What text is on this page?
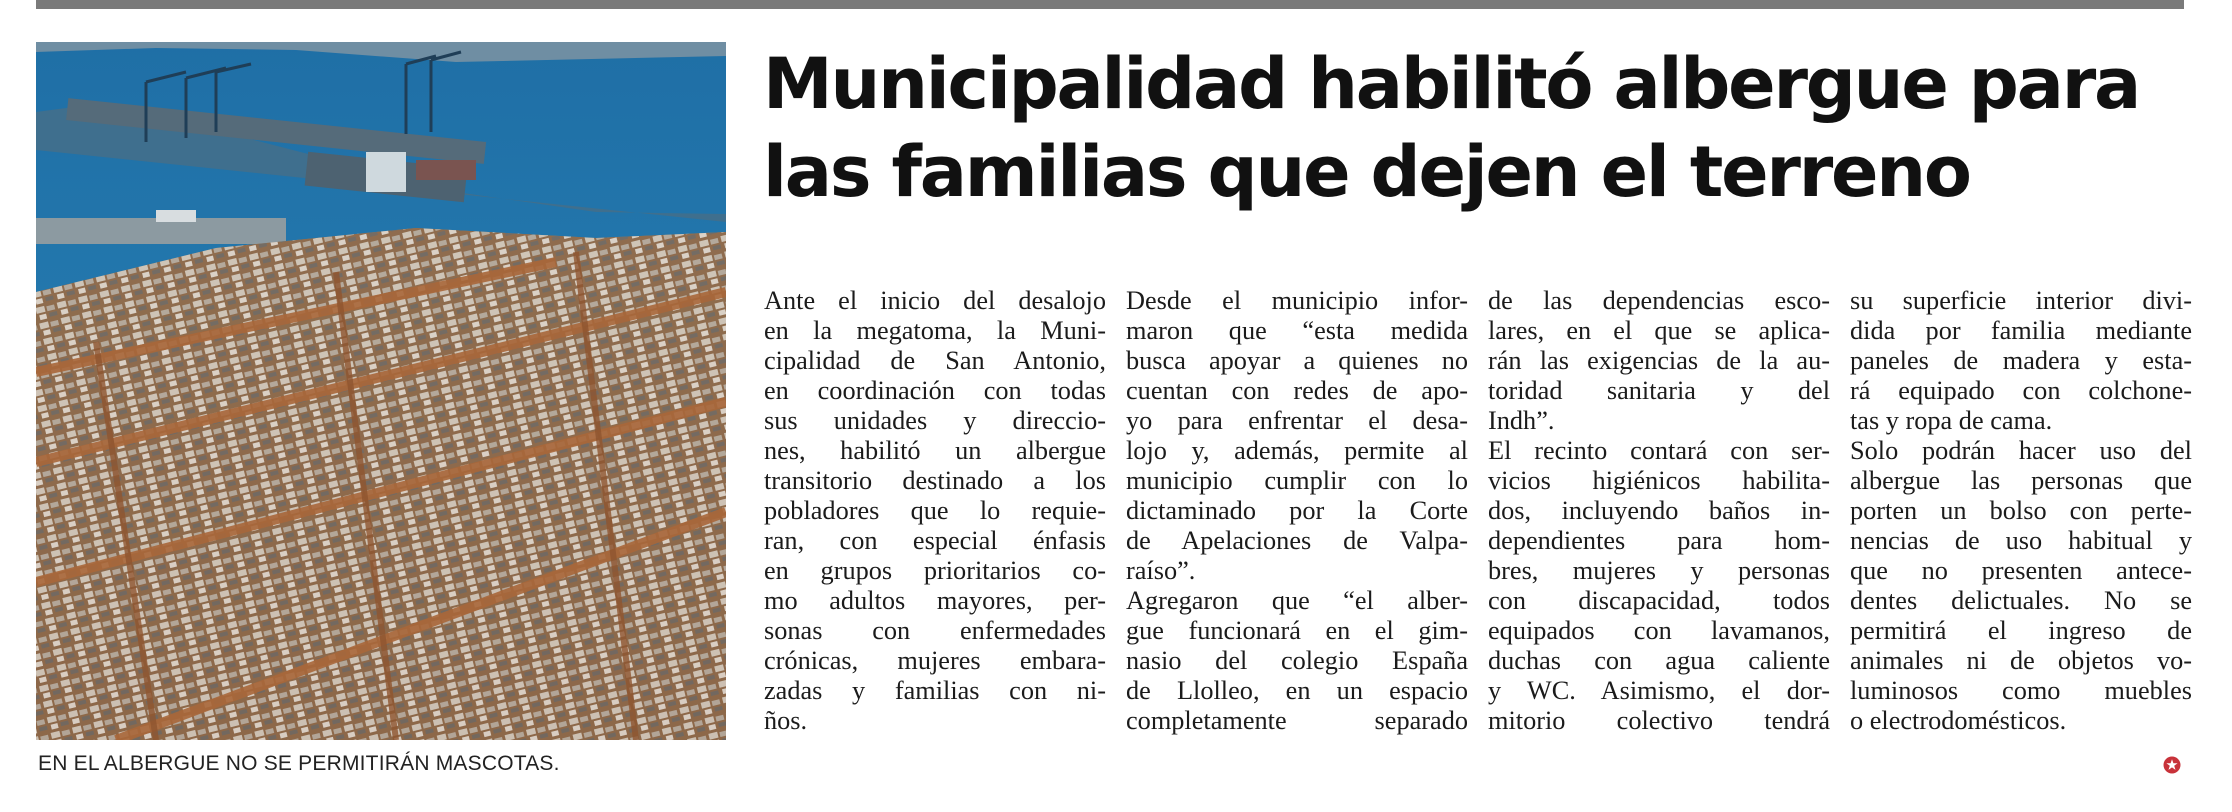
EN EL ALBERGUE NO SE PERMITIRÁN MASCOTAS.
Municipalidad habilitó albergue para
las familias que dejen el terreno
Ante el inicio del desalojo
en la megatoma, la Muni-
cipalidad de San Antonio,
en coordinación con todas
sus unidades y direccio-
nes, habilitó un albergue
transitorio destinado a los
pobladores que lo requie-
ran, con especial énfasis
en grupos prioritarios co-
mo adultos mayores, per-
sonas con enfermedades
crónicas, mujeres embara-
zadas y familias con ni-
ños.
Desde el municipio infor-
maron que “esta medida
busca apoyar a quienes no
cuentan con redes de apo-
yo para enfrentar el desa-
lojo y, además, permite al
municipio cumplir con lo
dictaminado por la Corte
de Apelaciones de Valpa-
raíso”.
Agregaron que “el alber-
gue funcionará en el gim-
nasio del colegio España
de Llolleo, en un espacio
completamente separado
de las dependencias esco-
lares, en el que se aplica-
rán las exigencias de la au-
toridad sanitaria y del
Indh”.
El recinto contará con ser-
vicios higiénicos habilita-
dos, incluyendo baños in-
dependientes para hom-
bres, mujeres y personas
con discapacidad, todos
equipados con lavamanos,
duchas con agua caliente
y WC. Asimismo, el dor-
mitorio colectivo tendrá
su superficie interior divi-
dida por familia mediante
paneles de madera y esta-
rá equipado con colchone-
tas y ropa de cama.
Solo podrán hacer uso del
albergue las personas que
porten un bolso con perte-
nencias de uso habitual y
que no presenten antece-
dentes delictuales. No se
permitirá el ingreso de
animales ni de objetos vo-
luminosos como muebles
o electrodomésticos.
